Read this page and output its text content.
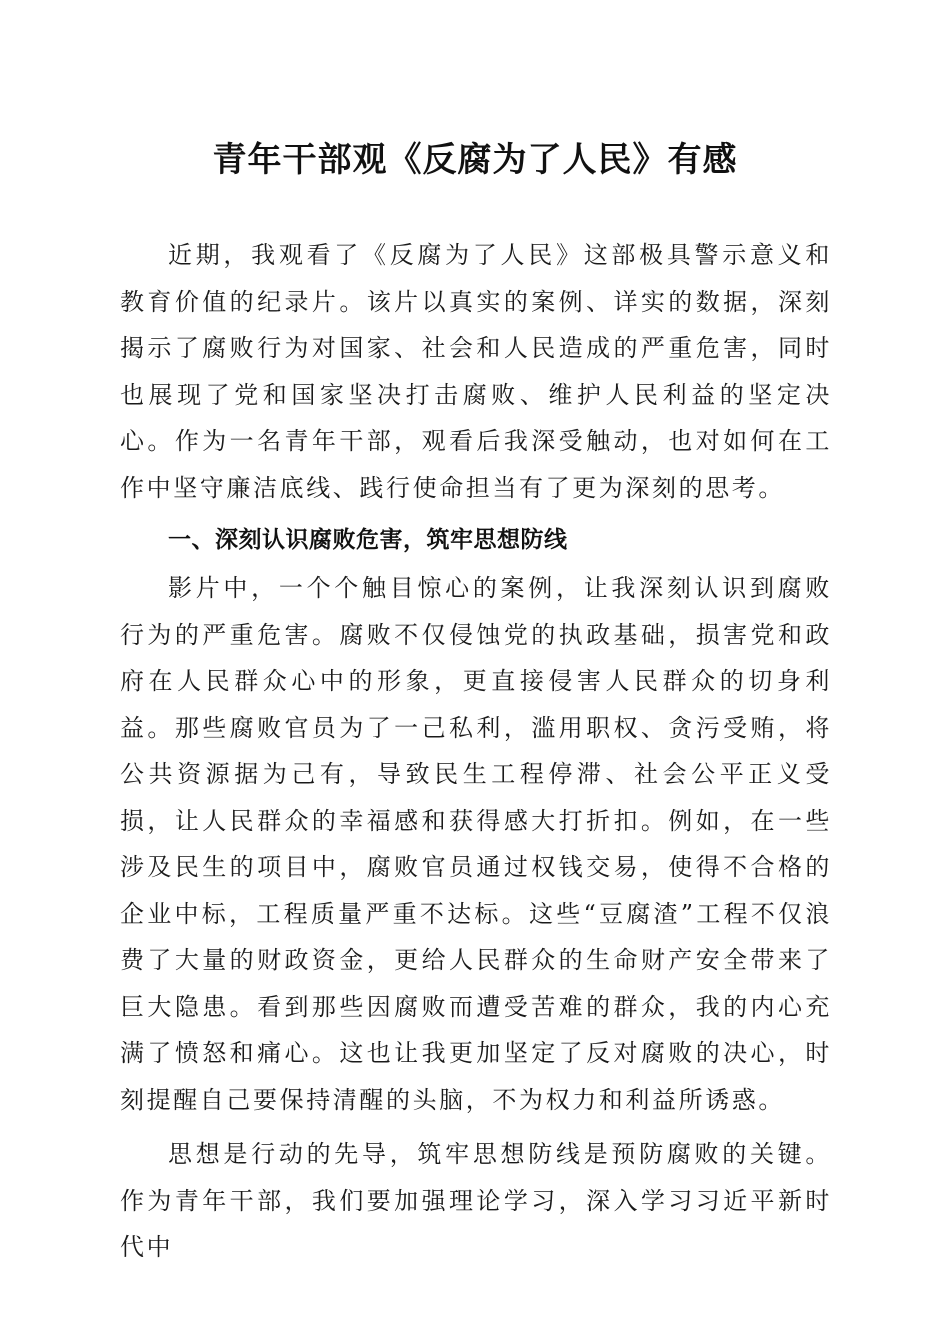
青年干部观《反腐为了人民》有感

近期，我观看了《反腐为了人民》这部极具警示意义和教育价值的纪录片。该片以真实的案例、详实的数据，深刻揭示了腐败行为对国家、社会和人民造成的严重危害，同时也展现了党和国家坚决打击腐败、维护人民利益的坚定决心。作为一名青年干部，观看后我深受触动，也对如何在工作中坚守廉洁底线、践行使命担当有了更为深刻的思考。

一、深刻认识腐败危害，筑牢思想防线

影片中，一个个触目惊心的案例，让我深刻认识到腐败行为的严重危害。腐败不仅侵蚀党的执政基础，损害党和政府在人民群众心中的形象，更直接侵害人民群众的切身利益。那些腐败官员为了一己私利，滥用职权、贪污受贿，将公共资源据为己有，导致民生工程停滞、社会公平正义受损，让人民群众的幸福感和获得感大打折扣。例如，在一些涉及民生的项目中，腐败官员通过权钱交易，使得不合格的企业中标，工程质量严重不达标。这些“豆腐渣”工程不仅浪费了大量的财政资金，更给人民群众的生命财产安全带来了巨大隐患。看到那些因腐败而遭受苦难的群众，我的内心充满了愤怒和痛心。这也让我更加坚定了反对腐败的决心，时刻提醒自己要保持清醒的头脑，不为权力和利益所诱惑。

思想是行动的先导，筑牢思想防线是预防腐败的关键。作为青年干部，我们要加强理论学习，深入学习习近平新时代中
